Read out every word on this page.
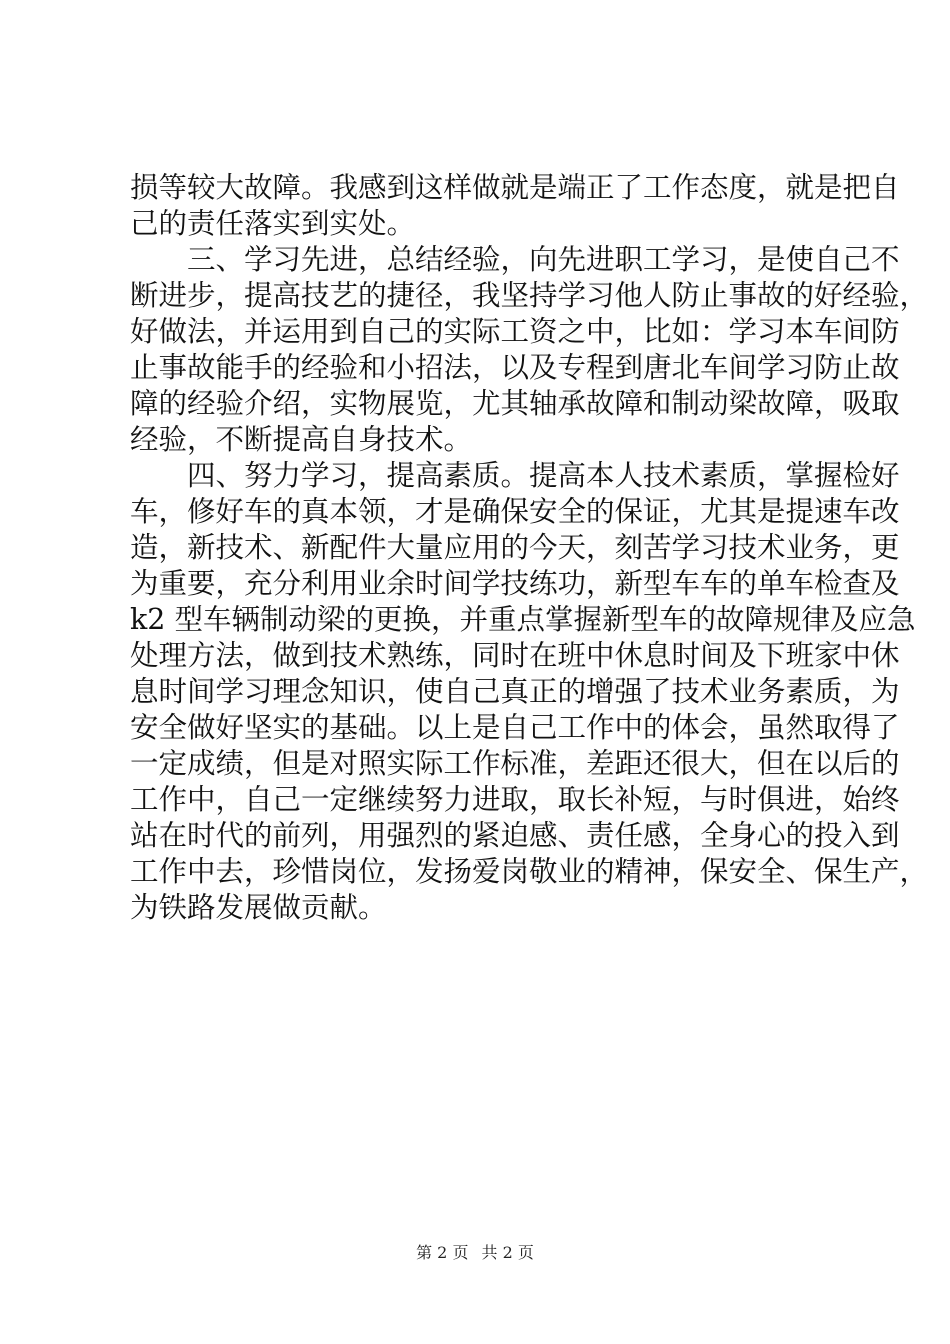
损等较大故障。我感到这样做就是端正了工作态度，就是把自
己的责任落实到实处。
　　三、学习先进，总结经验，向先进职工学习，是使自己不
断进步，提高技艺的捷径，我坚持学习他人防止事故的好经验，
好做法，并运用到自己的实际工资之中，比如：学习本车间防
止事故能手的经验和小招法，以及专程到唐北车间学习防止故
障的经验介绍，实物展览，尤其轴承故障和制动梁故障，吸取
经验，不断提高自身技术。
　　四、努力学习，提高素质。提高本人技术素质，掌握检好
车，修好车的真本领，才是确保安全的保证，尤其是提速车改
造，新技术、新配件大量应用的今天，刻苦学习技术业务，更
为重要，充分利用业余时间学技练功，新型车车的单车检查及
k2 型车辆制动梁的更换，并重点掌握新型车的故障规律及应急
处理方法，做到技术熟练，同时在班中休息时间及下班家中休
息时间学习理念知识，使自己真正的增强了技术业务素质，为
安全做好坚实的基础。以上是自己工作中的体会，虽然取得了
一定成绩，但是对照实际工作标准，差距还很大，但在以后的
工作中，自己一定继续努力进取，取长补短，与时俱进，始终
站在时代的前列，用强烈的紧迫感、责任感，全身心的投入到
工作中去，珍惜岗位，发扬爱岗敬业的精神，保安全、保生产，
为铁路发展做贡献。
第 2 页 共 2 页
